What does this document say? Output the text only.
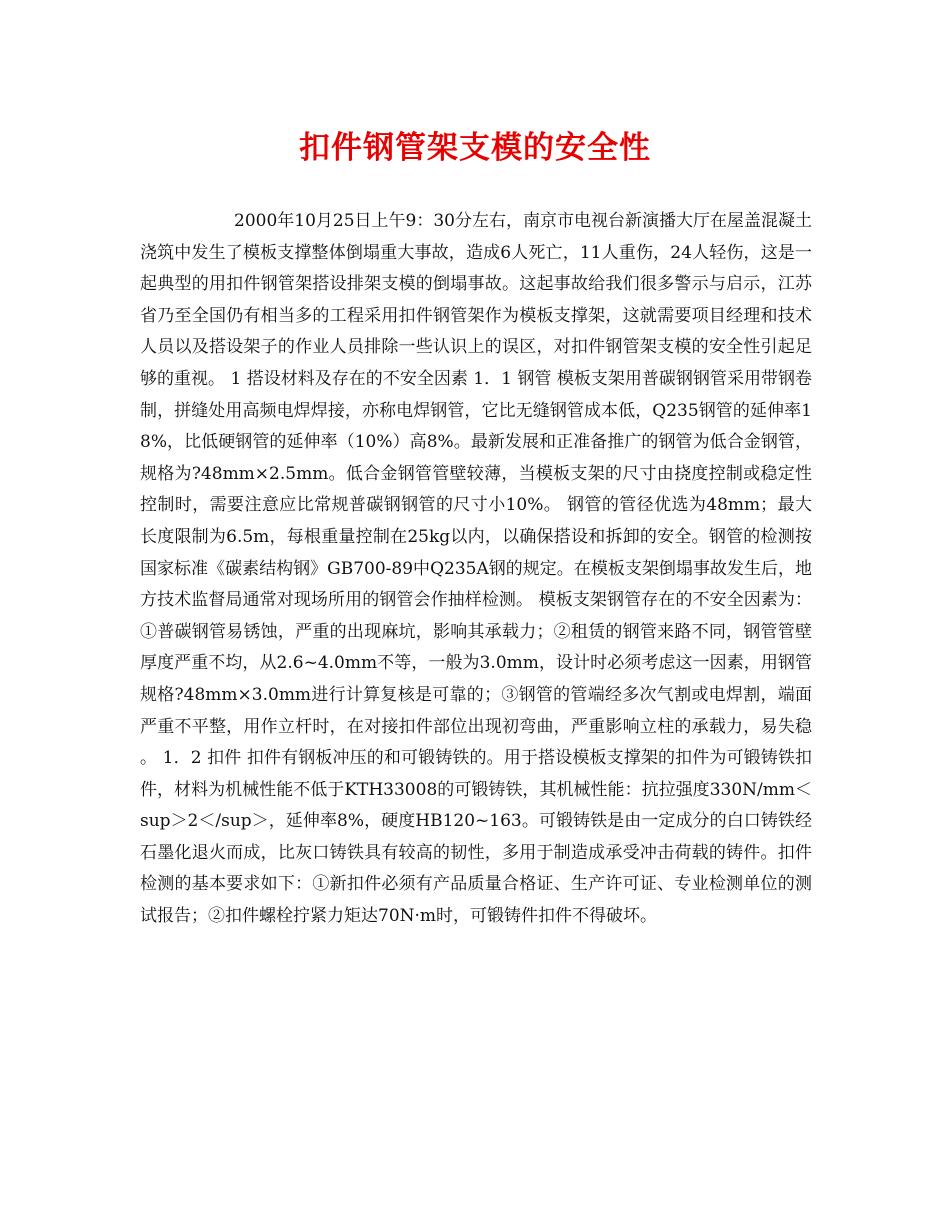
扣件钢管架支模的安全性

2000年10月25日上午9：30分左右，南京市电视台新演播大厅在屋盖混凝土浇筑中发生了模板支撑整体倒塌重大事故，造成6人死亡，11人重伤，24人轻伤，这是一起典型的用扣件钢管架搭设排架支模的倒塌事故。这起事故给我们很多警示与启示，江苏省乃至全国仍有相当多的工程采用扣件钢管架作为模板支撑架，这就需要项目经理和技术人员以及搭设架子的作业人员排除一些认识上的误区，对扣件钢管架支模的安全性引起足够的重视。 1 搭设材料及存在的不安全因素 1．1 钢管 模板支架用普碳钢钢管采用带钢卷制，拼缝处用高频电焊焊接，亦称电焊钢管，它比无缝钢管成本低，Q235钢管的延伸率18%，比低硬钢管的延伸率（10%）高8%。最新发展和正准备推广的钢管为低合金钢管，规格为?48mm×2.5mm。低合金钢管管壁较薄，当模板支架的尺寸由挠度控制或稳定性控制时，需要注意应比常规普碳钢钢管的尺寸小10%。 钢管的管径优选为48mm；最大长度限制为6.5m，每根重量控制在25kg以内，以确保搭设和拆卸的安全。钢管的检测按国家标准《碳素结构钢》GB700-89中Q235A钢的规定。在模板支架倒塌事故发生后，地方技术监督局通常对现场所用的钢管会作抽样检测。 模板支架钢管存在的不安全因素为：①普碳钢管易锈蚀，严重的出现麻坑，影响其承载力；②租赁的钢管来路不同，钢管管壁厚度严重不均，从2.6~4.0mm不等，一般为3.0mm，设计时必须考虑这一因素，用钢管规格?48mm×3.0mm进行计算复核是可靠的；③钢管的管端经多次气割或电焊割，端面严重不平整，用作立杆时，在对接扣件部位出现初弯曲，严重影响立柱的承载力，易失稳。 1．2 扣件 扣件有钢板冲压的和可锻铸铁的。用于搭设模板支撑架的扣件为可锻铸铁扣件，材料为机械性能不低于KTH33008的可锻铸铁，其机械性能：抗拉强度330N/mm＜sup＞2＜/sup＞，延伸率8%，硬度HB120~163。可锻铸铁是由一定成分的白口铸铁经石墨化退火而成，比灰口铸铁具有较高的韧性，多用于制造成承受冲击荷载的铸件。扣件检测的基本要求如下：①新扣件必须有产品质量合格证、生产许可证、专业检测单位的测试报告；②扣件螺栓拧紧力矩达70N·m时，可锻铸件扣件不得破坏。
